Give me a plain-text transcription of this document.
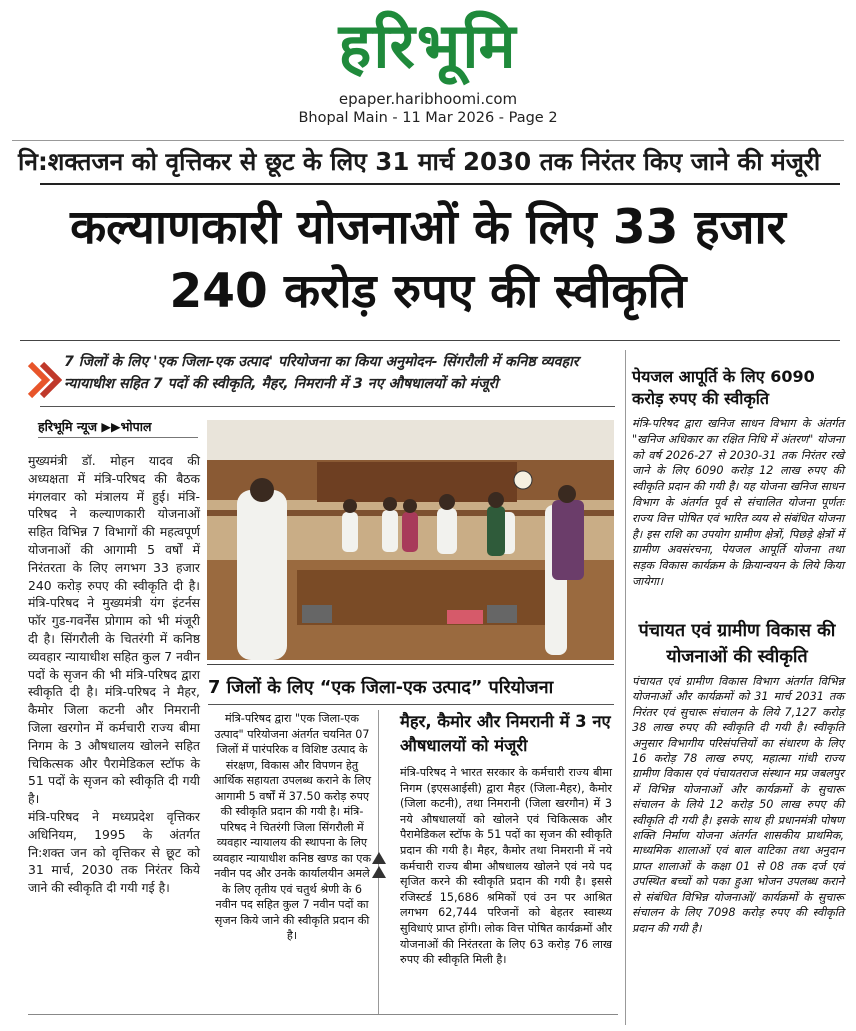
हरिभूमि
epaper.haribhoomi.com
Bhopal Main - 11 Mar 2026 - Page 2
नि:शक्तजन को वृत्तिकर से छूट के लिए 31 मार्च 2030 तक निरंतर किए जाने की मंजूरी
कल्याणकारी योजनाओं के लिए 33 हजार 240 करोड़ रुपए की स्वीकृति
7 जिलों के लिए 'एक जिला-एक उत्पाद' परियोजना का किया अनुमोदन- सिंगरौली में कनिष्ठ व्यवहार न्यायाधीश सहित 7 पदों की स्वीकृति, मैहर, निमरानी में 3 नए औषधालयों को मंजूरी
हरिभूमि न्यूज ▶▶भोपाल

मुख्यमंत्री डॉ. मोहन यादव की अध्यक्षता में मंत्रि-परिषद की बैठक मंगलवार को मंत्रालय में हुई। मंत्रि-परिषद ने कल्याणकारी योजनाओं सहित विभिन्न 7 विभागों की महत्वपूर्ण योजनाओं की आगामी 5 वर्षों में निरंतरता के लिए लगभग 33 हजार 240 करोड़ रुपए की स्वीकृति दी है। मंत्रि-परिषद ने मुख्यमंत्री यंग इंटर्नस फॉर गुड-गवर्नेंस प्रोगाम को भी मंजूरी दी है। सिंगरौली के चितरंगी में कनिष्ठ व्यवहार न्यायाधीश सहित कुल 7 नवीन पदों के सृजन की भी मंत्रि-परिषद द्वारा स्वीकृति दी है। मंत्रि-परिषद ने मैहर, कैमोर जिला कटनी और निमरानी जिला खरगोन में कर्मचारी राज्य बीमा निगम के 3 औषधालय खोलने सहित चिकित्सक और पैरामेडिकल स्टॉफ के 51 पदों के सृजन को स्वीकृति दी गयी है।

मंत्रि-परिषद ने मध्यप्रदेश वृत्तिकर अधिनियम, 1995 के अंतर्गत नि:शक्त जन को वृत्तिकर से छूट को 31 मार्च, 2030 तक निरंतर किये जाने की स्वीकृति दी गयी गई है।

7 जिलों के लिए “एक जिला-एक उत्पाद” परियोजना
मंत्रि-परिषद द्वारा "एक जिला-एक उत्पाद" परियोजना अंतर्गत चयनित 07 जिलों में पारंपरिक व विशिष्ट उत्पाद के संरक्षण, विकास और विपणन हेतु आर्थिक सहायता उपलब्ध कराने के लिए आगामी 5 वर्षों में 37.50 करोड़ रुपए की स्वीकृति प्रदान की गयी है। मंत्रि-परिषद ने चितरंगी जिला सिंगरौली में व्यवहार न्यायालय की स्थापना के लिए व्यवहार न्यायाधीश कनिष्ठ खण्ड का एक नवीन पद और उनके कार्यालयीन अमले के लिए तृतीय एवं चतुर्थ श्रेणी के 6 नवीन पद सहित कुल 7 नवीन पदों का सृजन किये जाने की स्वीकृति प्रदान की है।
मैहर, कैमोर और निमरानी में 3 नए औषधालयों को मंजूरी
मंत्रि-परिषद ने भारत सरकार के कर्मचारी राज्य बीमा निगम (इएसआईसी) द्वारा मैहर (जिला-मैहर), कैमोर (जिला कटनी), तथा निमरानी (जिला खरगौन) में 3 नये औषधालयों को खोलने एवं चिकित्सक और पैरामेडिकल स्टॉफ के 51 पदों का सृजन की स्वीकृति प्रदान की गयी है। मैहर, कैमोर तथा निमरानी में नये कर्मचारी राज्य बीमा औषधालय खोलने एवं नये पद सृजित करने की स्वीकृति प्रदान की गयी है। इससे रजिस्टर्ड 15,686 श्रमिकों एवं उन पर आश्रित लगभग 62,744 परिजनों को बेहतर स्वास्थ्य सुविधाएं प्राप्त होंगी। लोक वित्त पोषित कार्यक्रमों और योजनाओं की निरंतरता के लिए 63 करोड़ 76 लाख रुपए की स्वीकृति मिली है।
पेयजल आपूर्ति के लिए 6090 करोड़ रुपए की स्वीकृति
मंत्रि-परिषद द्वारा खनिज साधन विभाग के अंतर्गत "खनिज अधिकार का रक्षित निधि में अंतरण" योजना को वर्ष 2026-27 से 2030-31 तक निरंतर रखे जाने के लिए 6090 करोड़ 12 लाख रुपए की स्वीकृति प्रदान की गयी है। यह योजना खनिज साधन विभाग के अंतर्गत पूर्व से संचालित योजना पूर्णतः राज्य वित्त पोषित एवं भारित व्यय से संबंधित योजना है। इस राशि का उपयोग ग्रामीण क्षेत्रों, पिछड़े क्षेत्रों में ग्रामीण अवसंरचना, पेयजल आपूर्ति योजना तथा सड़क विकास कार्यक्रम के क्रियान्वयन के लिये किया जायेगा।
पंचायत एवं ग्रामीण विकास की योजनाओं की स्वीकृति
पंचायत एवं ग्रामीण विकास विभाग अंतर्गत विभिन्न योजनाओं और कार्यक्रमों को 31 मार्च 2031 तक निरंतर एवं सुचारू संचालन के लिये 7,127 करोड़ 38 लाख रुपए की स्वीकृति दी गयी है। स्वीकृति अनुसार विभागीय परिसंपत्तियों का संधारण के लिए 16 करोड़ 78 लाख रुपए, महात्मा गांधी राज्य ग्रामीण विकास एवं पंचायतराज संस्थान मप्र जबलपुर में विभिन्न योजनाओं और कार्यक्रमों के सुचारू संचालन के लिये 12 करोड़ 50 लाख रुपए की स्वीकृति दी गयी है। इसके साथ ही प्रधानमंत्री पोषण शक्ति निर्माण योजना अंतर्गत शासकीय प्राथमिक, माध्यमिक शालाओं एवं बाल वाटिका तथा अनुदान प्राप्त शालाओं के कक्षा 01 से 08 तक दर्ज एवं उपस्थित बच्चों को पका हुआ भोजन उपलब्ध कराने से संबंधित विभिन्न योजनाओं/ कार्यक्रमों के सुचारू संचालन के लिए 7098 करोड़ रुपए की स्वीकृति प्रदान की गयी है।
